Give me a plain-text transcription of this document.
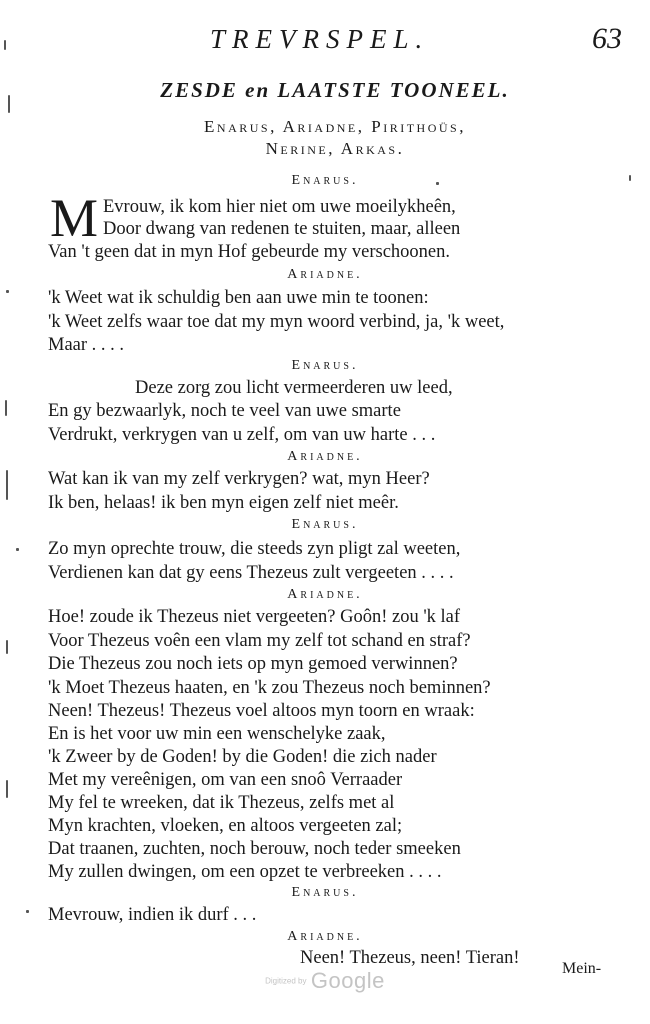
TREVRSPEL.	63
ZESDE en LAATSTE TOONEEL.
Enarus, Ariadne, Pirithoüs,
Nerine, Arkas.
Enarus.
M Evrouw, ik kom hier niet om uwe moeilykheên,
Door dwang van redenen te stuiten, maar, alleen
Van 't geen dat in myn Hof gebeurde my verschoonen.
Ariadne.
'k Weet wat ik schuldig ben aan uwe min te toonen:
'k Weet zelfs waar toe dat my myn woord verbind, ja, 'k weet,
Maar . . . .
Enarus.
Deze zorg zou licht vermeerderen uw leed,
En gy bezwaarlyk, noch te veel van uwe smarte
Verdrukt, verkrygen van u zelf, om van uw harte . . .
Ariadne.
Wat kan ik van my zelf verkrygen? wat, myn Heer?
Ik ben, helaas! ik ben myn eigen zelf niet meêr.
Enarus.
Zo myn oprechte trouw, die steeds zyn pligt zal weeten,
Verdienen kan dat gy eens Thezeus zult vergeeten . . . .
Ariadne.
Hoe! zoude ik Thezeus niet vergeeten? Goôn! zou 'k laf
Voor Thezeus voên een vlam my zelf tot schand en straf?
Die Thezeus zou noch iets op myn gemoed verwinnen?
'k Moet Thezeus haaten, en 'k zou Thezeus noch beminnen?
Neen! Thezeus! Thezeus voel altoos myn toorn en wraak:
En is het voor uw min een wenschelyke zaak,
'k Zweer by de Goden! by die Goden! die zich nader
Met my vereênigen, om van een snoô Verraader
My fel te wreeken, dat ik Thezeus, zelfs met al
Myn krachten, vloeken, en altoos vergeeten zal;
Dat traanen, zuchten, noch berouw, noch teder smeeken
My zullen dwingen, om een opzet te verbreeken . . . .
Enarus.
Mevrouw, indien ik durf . . .
Ariadne.
Neen! Thezeus, neen! Tieran!
Mein-
Digitized by Google
